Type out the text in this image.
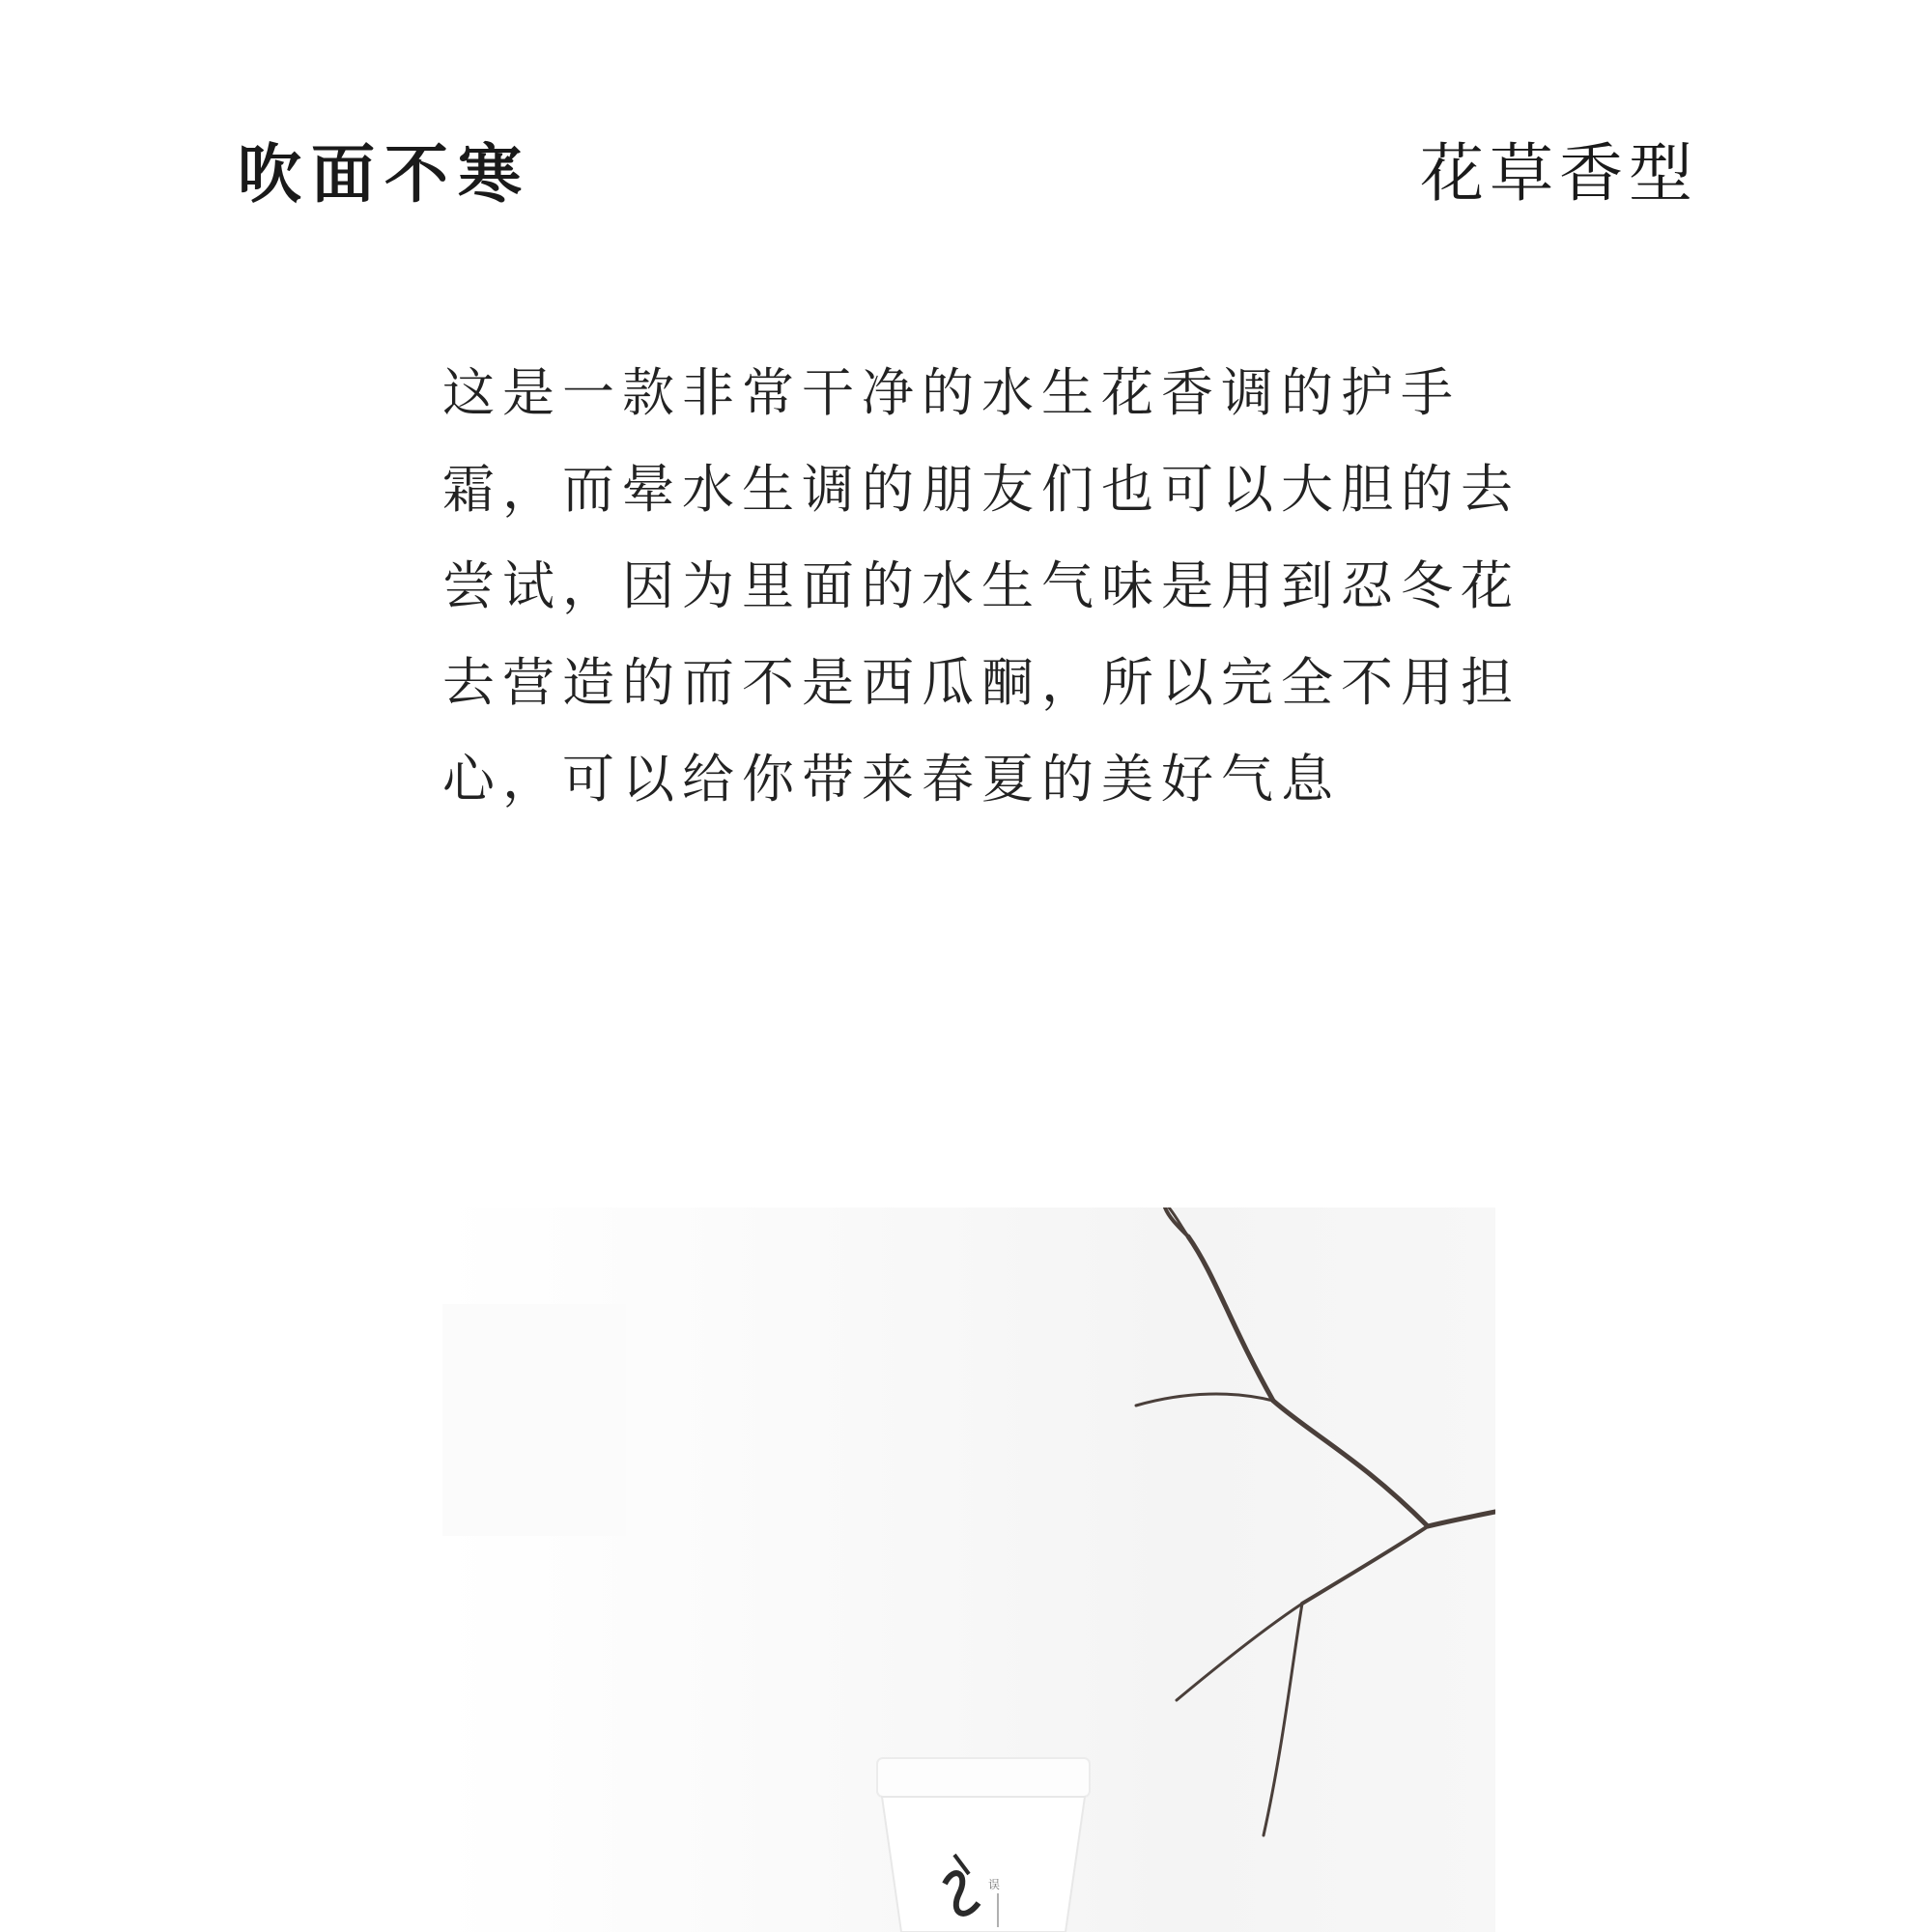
吹面不寒	花草香型
这是一款非常干净的水生花香调的护手
霜，而晕水生调的朋友们也可以大胆的去
尝试，因为里面的水生气味是用到忍冬花
去营造的而不是西瓜酮，所以完全不用担
心，可以给你带来春夏的美好气息
误
